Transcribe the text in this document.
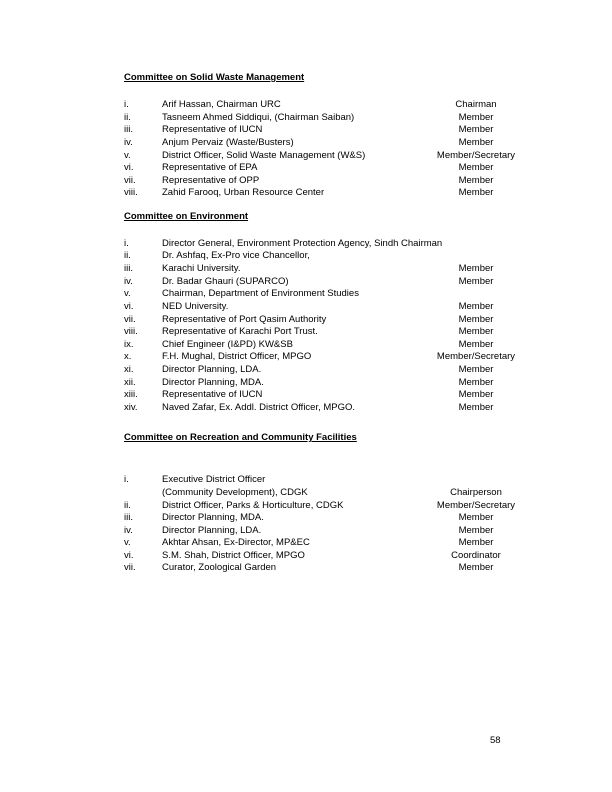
Committee on Solid Waste Management
i.	Arif Hassan, Chairman URC	Chairman
ii.	Tasneem Ahmed Siddiqui, (Chairman Saiban)	Member
iii.	Representative of IUCN	Member
iv.	Anjum Pervaiz (Waste/Busters)	Member
v.	District Officer, Solid Waste Management (W&S)	Member/Secretary
vi.	Representative of EPA	Member
vii.	Representative of OPP	Member
viii.	Zahid Farooq, Urban Resource Center	Member
Committee on Environment
i.	Director General, Environment Protection Agency, Sindh Chairman
ii.	Dr. Ashfaq, Ex-Pro vice Chancellor,
iii.	Karachi University.	Member
iv.	Dr. Badar Ghauri (SUPARCO)	Member
v.	Chairman, Department of Environment Studies
vi.	NED University.	Member
vii.	Representative of Port Qasim Authority	Member
viii.	Representative of Karachi Port Trust.	Member
ix.	Chief Engineer (I&PD) KW&SB	Member
x.	F.H. Mughal, District Officer, MPGO	Member/Secretary
xi.	Director Planning, LDA.	Member
xii.	Director Planning, MDA.	Member
xiii.	Representative of IUCN	Member
xiv.	Naved Zafar, Ex. Addl. District Officer, MPGO.	Member
Committee on Recreation and Community Facilities
i.	Executive District Officer
(Community Development), CDGK	Chairperson
ii.	District Officer, Parks & Horticulture, CDGK	Member/Secretary
iii.	Director Planning, MDA.	Member
iv.	Director Planning, LDA.	Member
v.	Akhtar Ahsan, Ex-Director, MP&EC	Member
vi.	S.M. Shah, District Officer, MPGO	Coordinator
vii.	Curator, Zoological Garden	Member
58
